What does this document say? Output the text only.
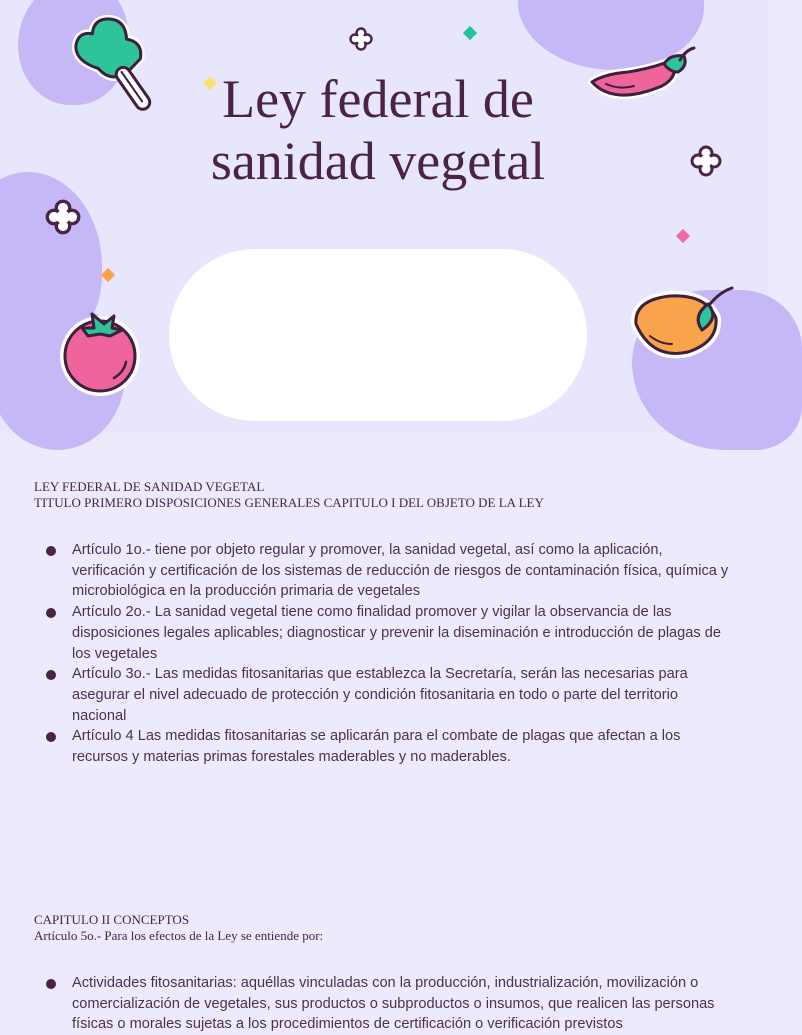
Ley federal de
sanidad vegetal
LEY FEDERAL DE SANIDAD VEGETAL
TITULO PRIMERO DISPOSICIONES GENERALES CAPITULO I DEL OBJETO DE LA LEY
Artículo 1o.- tiene por objeto regular y promover, la sanidad vegetal, así como la aplicación, verificación y certificación de los sistemas de reducción de riesgos de contaminación física, química y microbiológica en la producción primaria de vegetales
Artículo 2o.- La sanidad vegetal tiene como finalidad promover y vigilar la observancia de las disposiciones legales aplicables; diagnosticar y prevenir la diseminación e introducción de plagas de los vegetales
Artículo 3o.- Las medidas fitosanitarias que establezca la Secretaría, serán las necesarias para asegurar el nivel adecuado de protección y condición fitosanitaria en todo o parte del territorio nacional
Artículo 4 Las medidas fitosanitarias se aplicarán para el combate de plagas que afectan a los recursos y materias primas forestales maderables y no maderables.
CAPITULO II CONCEPTOS
Artículo 5o.- Para los efectos de la Ley se entiende por:
Actividades fitosanitarias: aquéllas vinculadas con la producción, industrialización, movilización o comercialización de vegetales, sus productos o subproductos o insumos, que realicen las personas físicas o morales sujetas a los procedimientos de certificación o verificación previstos
